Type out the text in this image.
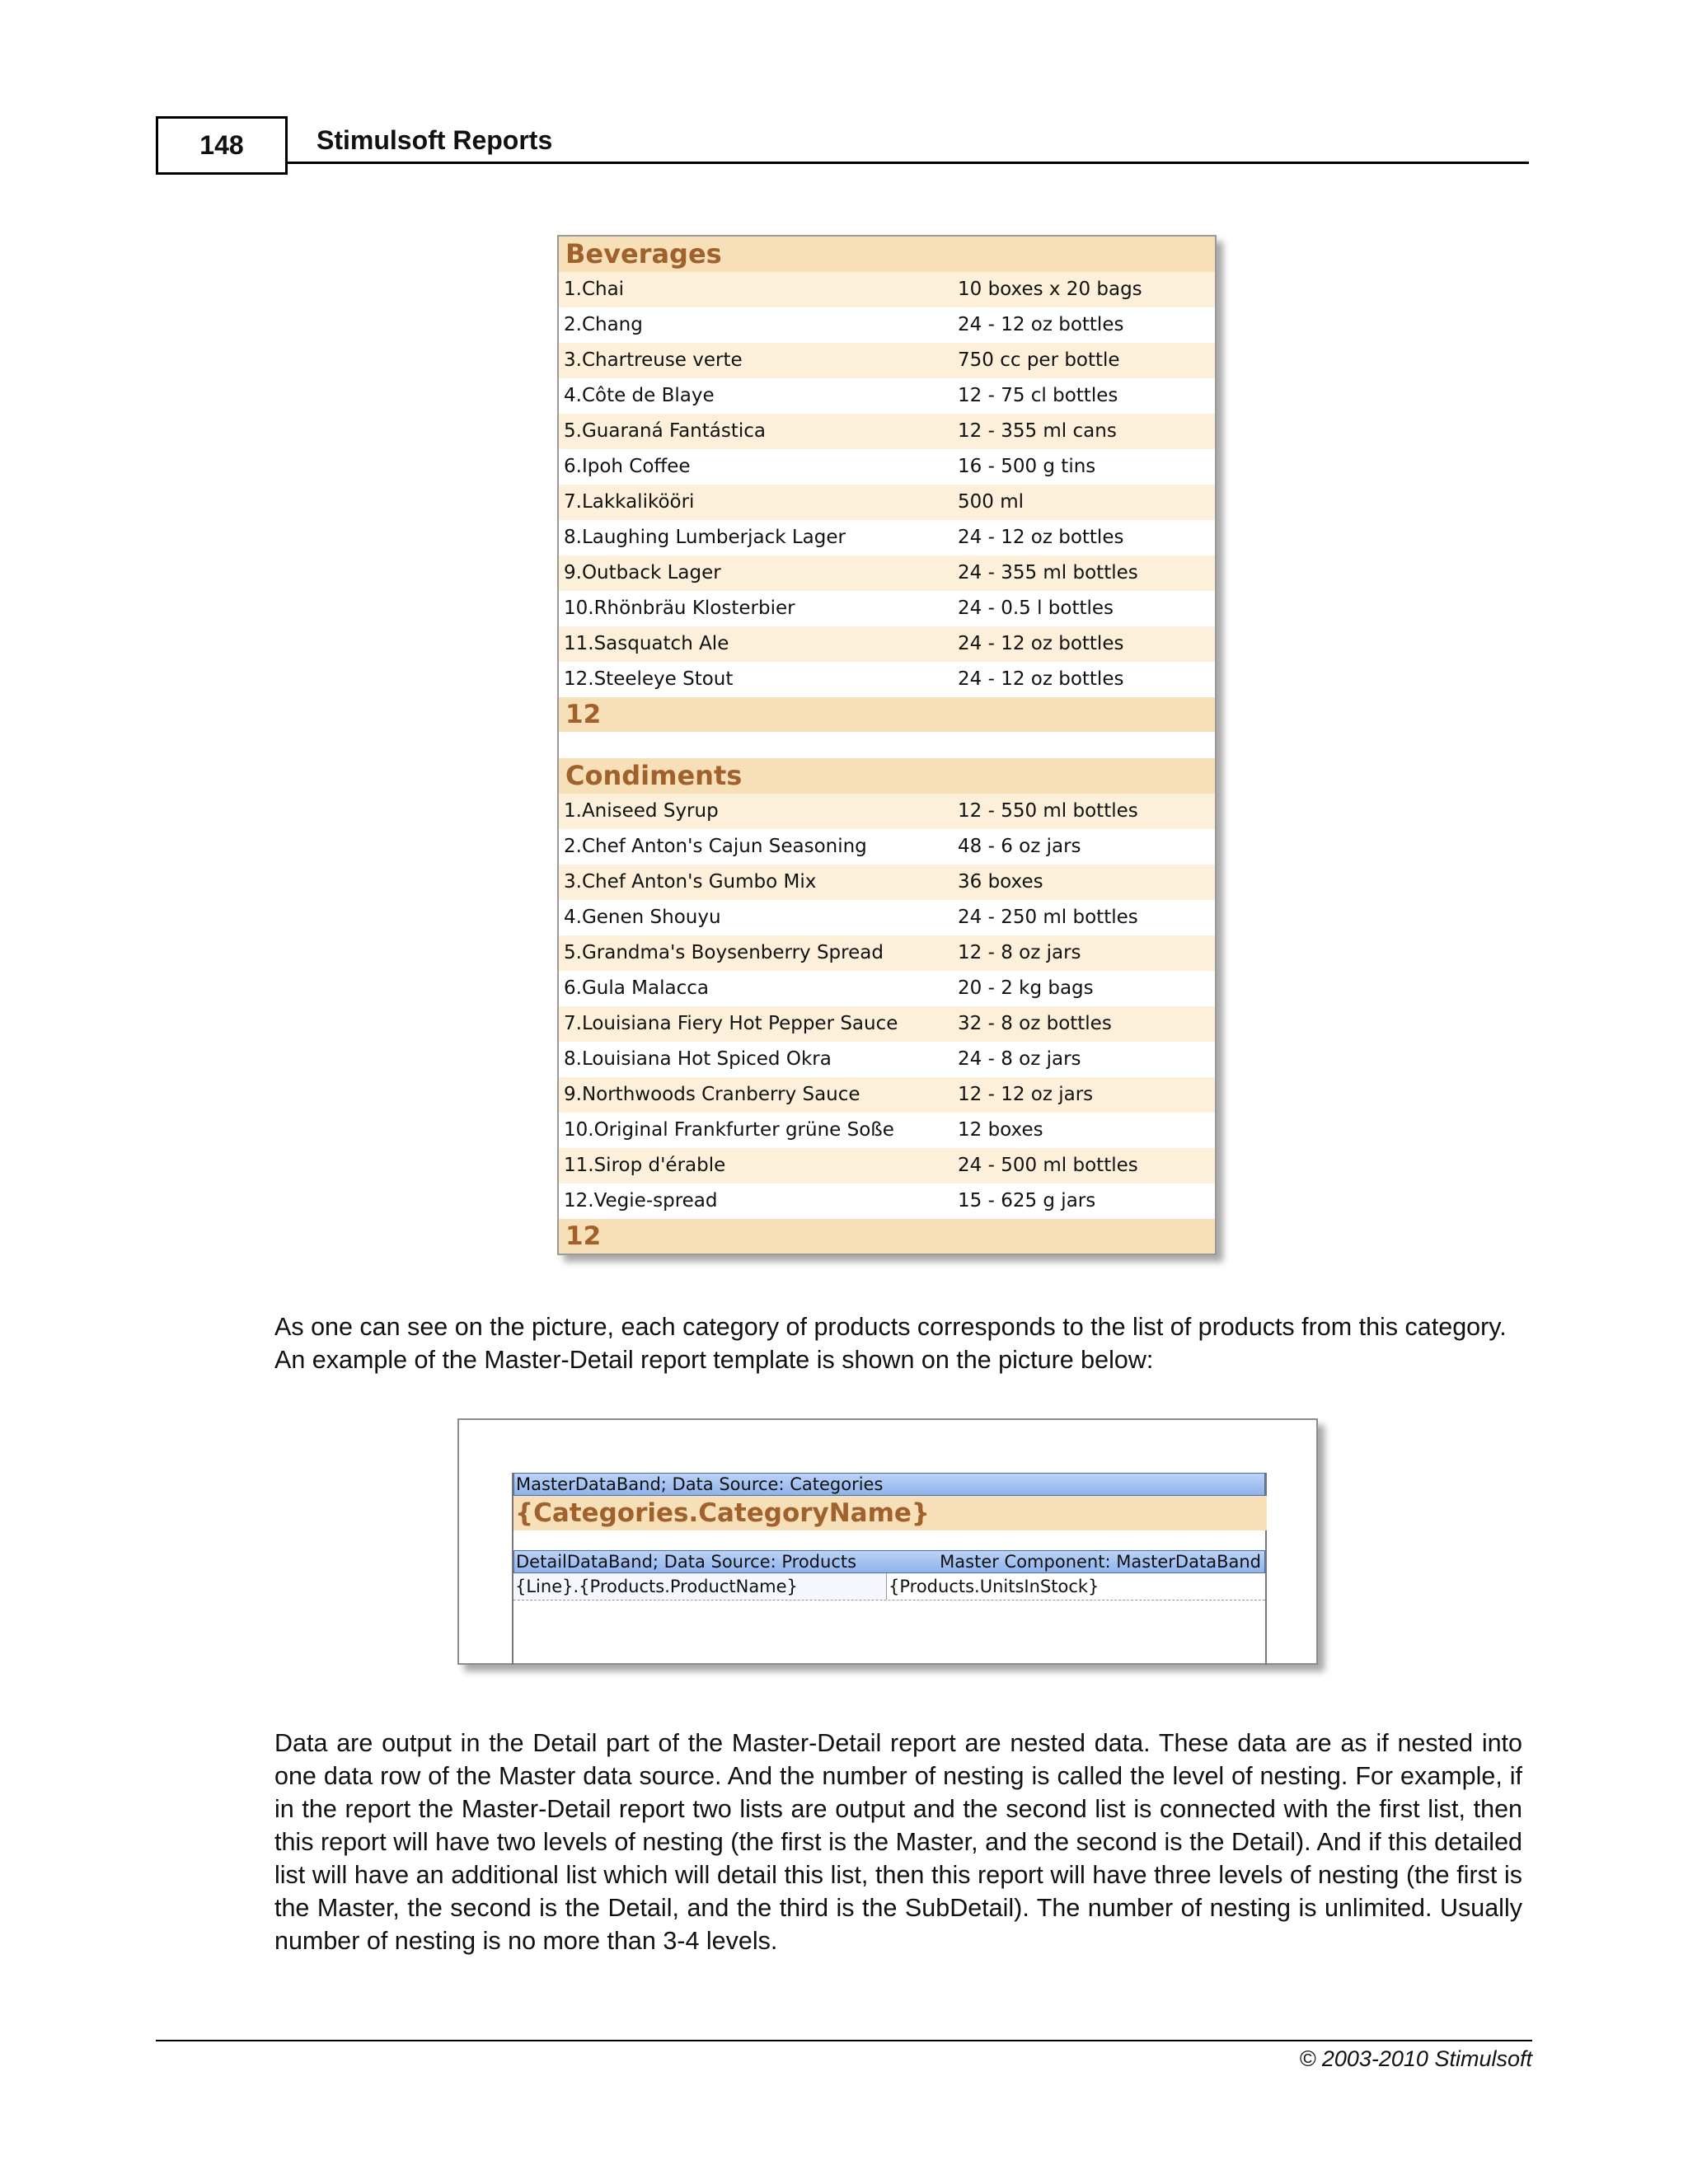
148	Stimulsoft Reports
Beverages
1.Chai	10 boxes x 20 bags
2.Chang	24 - 12 oz bottles
3.Chartreuse verte	750 cc per bottle
4.Côte de Blaye	12 - 75 cl bottles
5.Guaraná Fantástica	12 - 355 ml cans
6.Ipoh Coffee	16 - 500 g tins
7.Lakkalikööri	500 ml
8.Laughing Lumberjack Lager	24 - 12 oz bottles
9.Outback Lager	24 - 355 ml bottles
10.Rhönbräu Klosterbier	24 - 0.5 l bottles
11.Sasquatch Ale	24 - 12 oz bottles
12.Steeleye Stout	24 - 12 oz bottles
12
Condiments
1.Aniseed Syrup	12 - 550 ml bottles
2.Chef Anton's Cajun Seasoning	48 - 6 oz jars
3.Chef Anton's Gumbo Mix	36 boxes
4.Genen Shouyu	24 - 250 ml bottles
5.Grandma's Boysenberry Spread	12 - 8 oz jars
6.Gula Malacca	20 - 2 kg bags
7.Louisiana Fiery Hot Pepper Sauce	32 - 8 oz bottles
8.Louisiana Hot Spiced Okra	24 - 8 oz jars
9.Northwoods Cranberry Sauce	12 - 12 oz jars
10.Original Frankfurter grüne Soße	12 boxes
11.Sirop d'érable	24 - 500 ml bottles
12.Vegie-spread	15 - 625 g jars
12
As one can see on the picture, each category of products corresponds to the list of products from this category. An example of the Master-Detail report template is shown on the picture below:
MasterDataBand; Data Source: Categories
{Categories.CategoryName}
DetailDataBand; Data Source: Products	Master Component: MasterDataBand
{Line}.{Products.ProductName}	{Products.UnitsInStock}
Data are output in the Detail part of the Master-Detail report are nested data. These data are as if nested into one data row of the Master data source. And the number of nesting is called the level of nesting. For example, if in the report the Master-Detail report two lists are output and the second list is connected with the first list, then this report will have two levels of nesting (the first is the Master, and the second is the Detail). And if this detailed list will have an additional list which will detail this list, then this report will have three levels of nesting (the first is the Master, the second is the Detail, and the third is the SubDetail). The number of nesting is unlimited. Usually number of nesting is no more than 3-4 levels.
© 2003-2010 Stimulsoft
